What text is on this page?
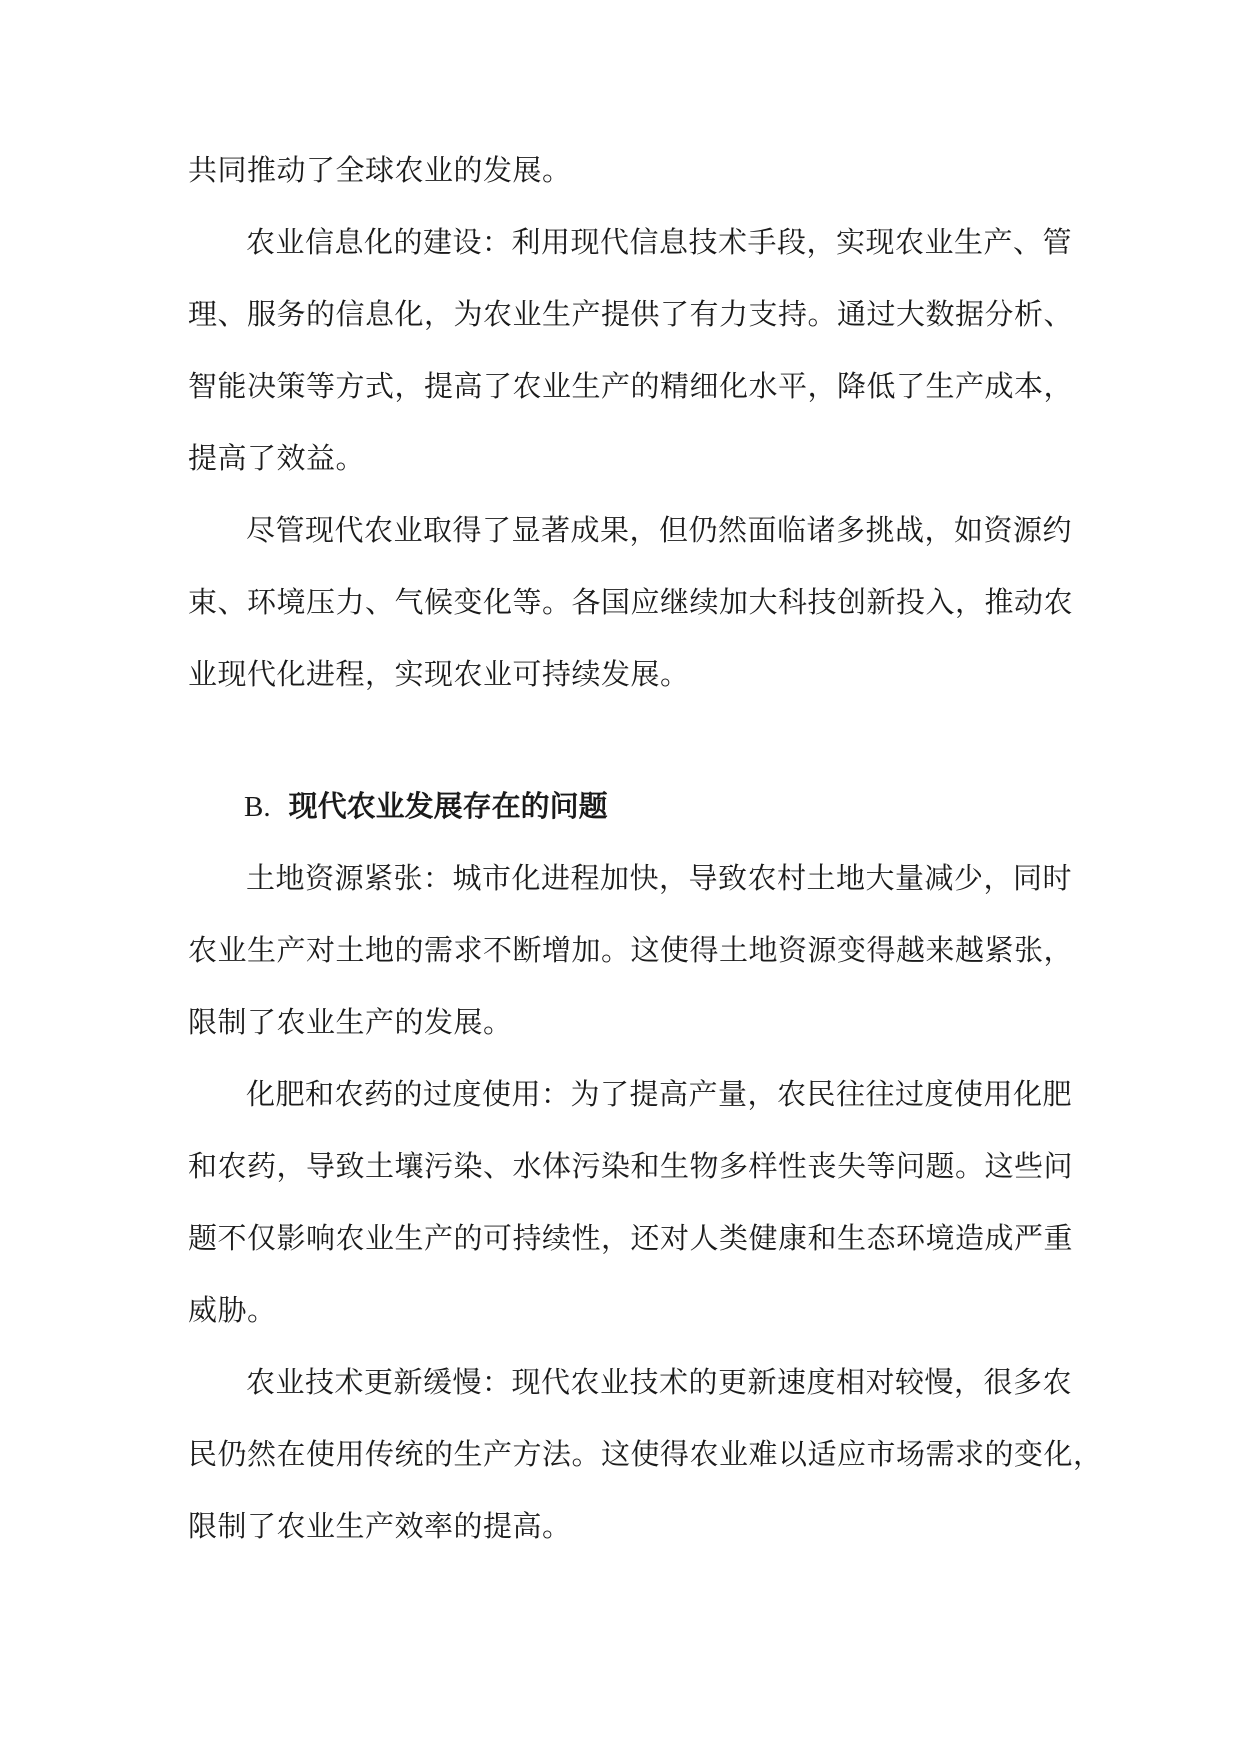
共同推动了全球农业的发展。

农业信息化的建设：利用现代信息技术手段，实现农业生产、管

理、服务的信息化，为农业生产提供了有力支持。通过大数据分析、

智能决策等方式，提高了农业生产的精细化水平，降低了生产成本，

提高了效益。

尽管现代农业取得了显著成果，但仍然面临诸多挑战，如资源约

束、环境压力、气候变化等。各国应继续加大科技创新投入，推动农

业现代化进程，实现农业可持续发展。

B. 现代农业发展存在的问题

土地资源紧张：城市化进程加快，导致农村土地大量减少，同时

农业生产对土地的需求不断增加。这使得土地资源变得越来越紧张，

限制了农业生产的发展。

化肥和农药的过度使用：为了提高产量，农民往往过度使用化肥

和农药，导致土壤污染、水体污染和生物多样性丧失等问题。这些问

题不仅影响农业生产的可持续性，还对人类健康和生态环境造成严重

威胁。

农业技术更新缓慢：现代农业技术的更新速度相对较慢，很多农

民仍然在使用传统的生产方法。这使得农业难以适应市场需求的变化，

限制了农业生产效率的提高。
